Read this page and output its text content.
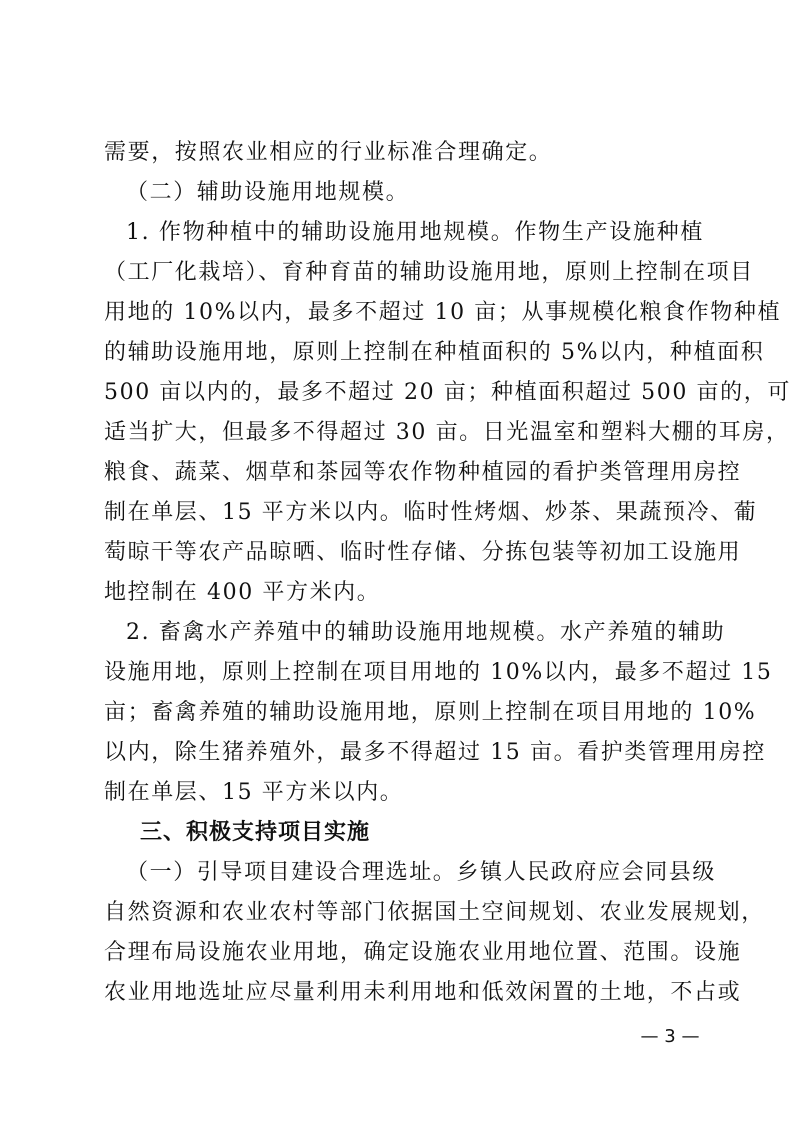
需要，按照农业相应的行业标准合理确定。
（二）辅助设施用地规模。
1. 作物种植中的辅助设施用地规模。作物生产设施种植
（工厂化栽培）、育种育苗的辅助设施用地，原则上控制在项目
用地的 10%以内，最多不超过 10 亩；从事规模化粮食作物种植
的辅助设施用地，原则上控制在种植面积的 5%以内，种植面积
500 亩以内的，最多不超过 20 亩；种植面积超过 500 亩的，可
适当扩大，但最多不得超过 30 亩。日光温室和塑料大棚的耳房，
粮食、蔬菜、烟草和茶园等农作物种植园的看护类管理用房控
制在单层、15 平方米以内。临时性烤烟、炒茶、果蔬预冷、葡
萄晾干等农产品晾晒、临时性存储、分拣包装等初加工设施用
地控制在 400 平方米内。
2. 畜禽水产养殖中的辅助设施用地规模。水产养殖的辅助
设施用地，原则上控制在项目用地的 10%以内，最多不超过 15
亩；畜禽养殖的辅助设施用地，原则上控制在项目用地的 10%
以内，除生猪养殖外，最多不得超过 15 亩。看护类管理用房控
制在单层、15 平方米以内。
三、积极支持项目实施
（一）引导项目建设合理选址。乡镇人民政府应会同县级
自然资源和农业农村等部门依据国土空间规划、农业发展规划，
合理布局设施农业用地，确定设施农业用地位置、范围。设施
农业用地选址应尽量利用未利用地和低效闲置的土地，不占或
— 3 —
